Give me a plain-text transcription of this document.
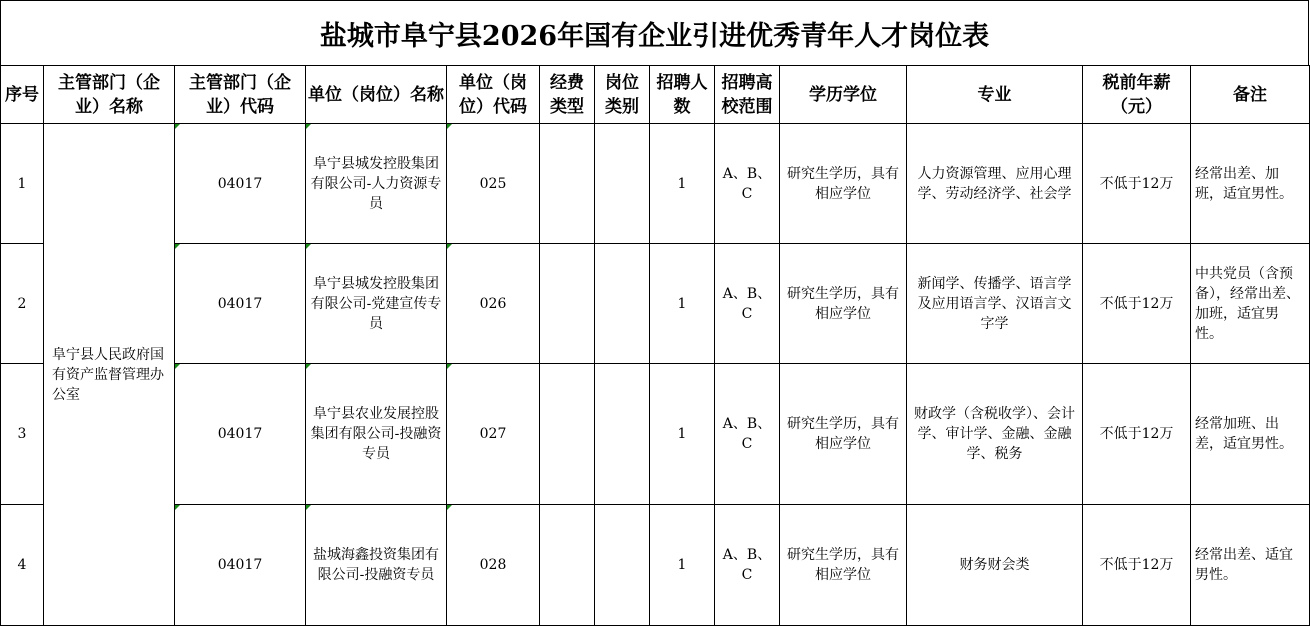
盐城市阜宁县2026年国有企业引进优秀青年人才岗位表
序号	主管部门（企业）名称	主管部门（企业）代码	单位（岗位）名称	单位（岗位）代码	经费类型	岗位类别	招聘人数	招聘高校范围	学历学位	专业	税前年薪（元）	备注
1	阜宁县人民政府国有资产监督管理办公室	04017	阜宁县城发控股集团有限公司-人力资源专员	025			1	A、B、C	研究生学历，具有相应学位	人力资源管理、应用心理学、劳动经济学、社会学	不低于12万	经常出差、加班，适宜男性。
2		04017	阜宁县城发控股集团有限公司-党建宣传专员	026			1	A、B、C	研究生学历，具有相应学位	新闻学、传播学、语言学及应用语言学、汉语言文字学	不低于12万	中共党员（含预备），经常出差、加班，适宜男性。
3		04017	阜宁县农业发展控股集团有限公司-投融资专员	027			1	A、B、C	研究生学历，具有相应学位	财政学（含税收学）、会计学、审计学、金融、金融学、税务	不低于12万	经常加班、出差，适宜男性。
4		04017	盐城海鑫投资集团有限公司-投融资专员	028			1	A、B、C	研究生学历，具有相应学位	财务财会类	不低于12万	经常出差、适宜男性。
